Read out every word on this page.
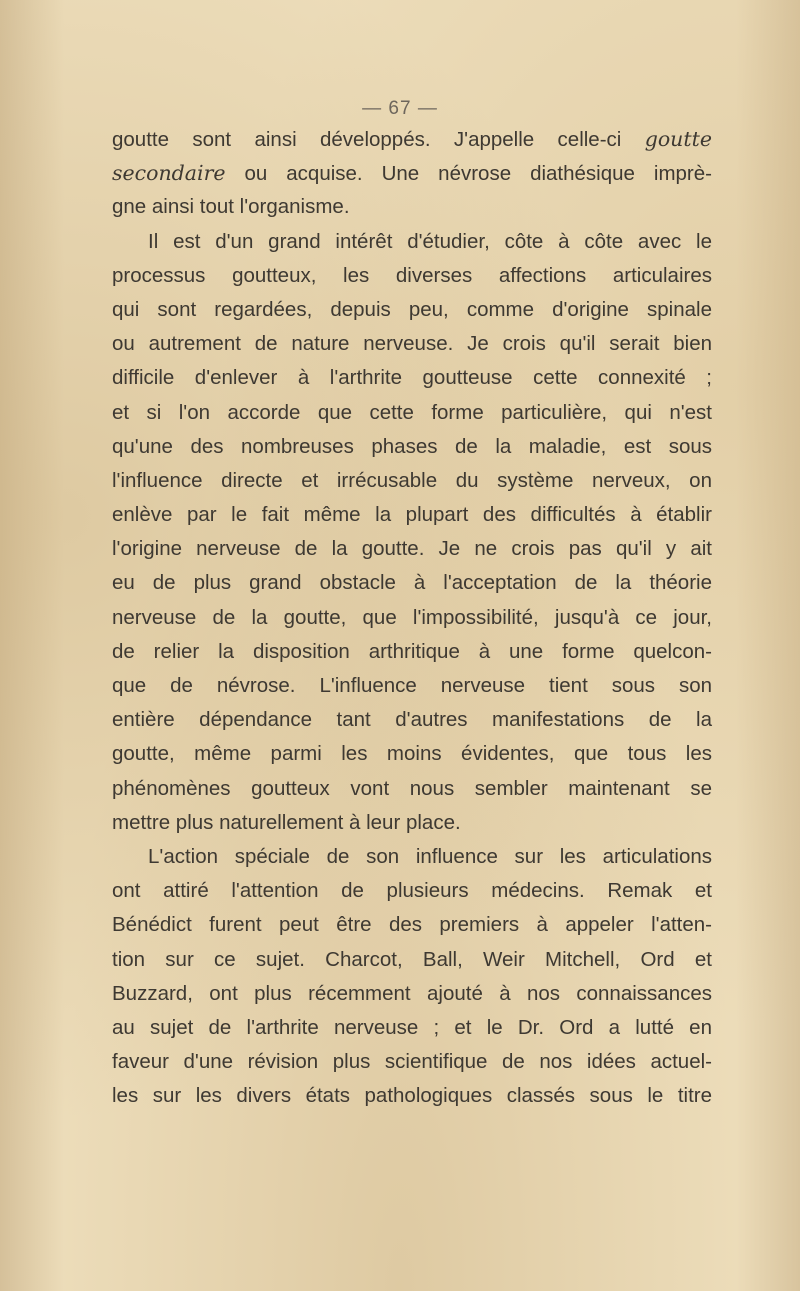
— 67 —
goutte sont ainsi développés. J'appelle celle-ci goutte
secondaire ou acquise. Une névrose diathésique imprè-
gne ainsi tout l'organisme.
Il est d'un grand intérêt d'étudier, côte à côte avec le
processus goutteux, les diverses affections articulaires
qui sont regardées, depuis peu, comme d'origine spinale
ou autrement de nature nerveuse. Je crois qu'il serait bien
difficile d'enlever à l'arthrite goutteuse cette connexité ;
et si l'on accorde que cette forme particulière, qui n'est
qu'une des nombreuses phases de la maladie, est sous
l'influence directe et irrécusable du système nerveux, on
enlève par le fait même la plupart des difficultés à établir
l'origine nerveuse de la goutte. Je ne crois pas qu'il y ait
eu de plus grand obstacle à l'acceptation de la théorie
nerveuse de la goutte, que l'impossibilité, jusqu'à ce jour,
de relier la disposition arthritique à une forme quelcon-
que de névrose. L'influence nerveuse tient sous son
entière dépendance tant d'autres manifestations de la
goutte, même parmi les moins évidentes, que tous les
phénomènes goutteux vont nous sembler maintenant se
mettre plus naturellement à leur place.
L'action spéciale de son influence sur les articulations
ont attiré l'attention de plusieurs médecins. Remak et
Bénédict furent peut être des premiers à appeler l'atten-
tion sur ce sujet. Charcot, Ball, Weir Mitchell, Ord et
Buzzard, ont plus récemment ajouté à nos connaissances
au sujet de l'arthrite nerveuse ; et le Dr. Ord a lutté en
faveur d'une révision plus scientifique de nos idées actuel-
les sur les divers états pathologiques classés sous le titre
